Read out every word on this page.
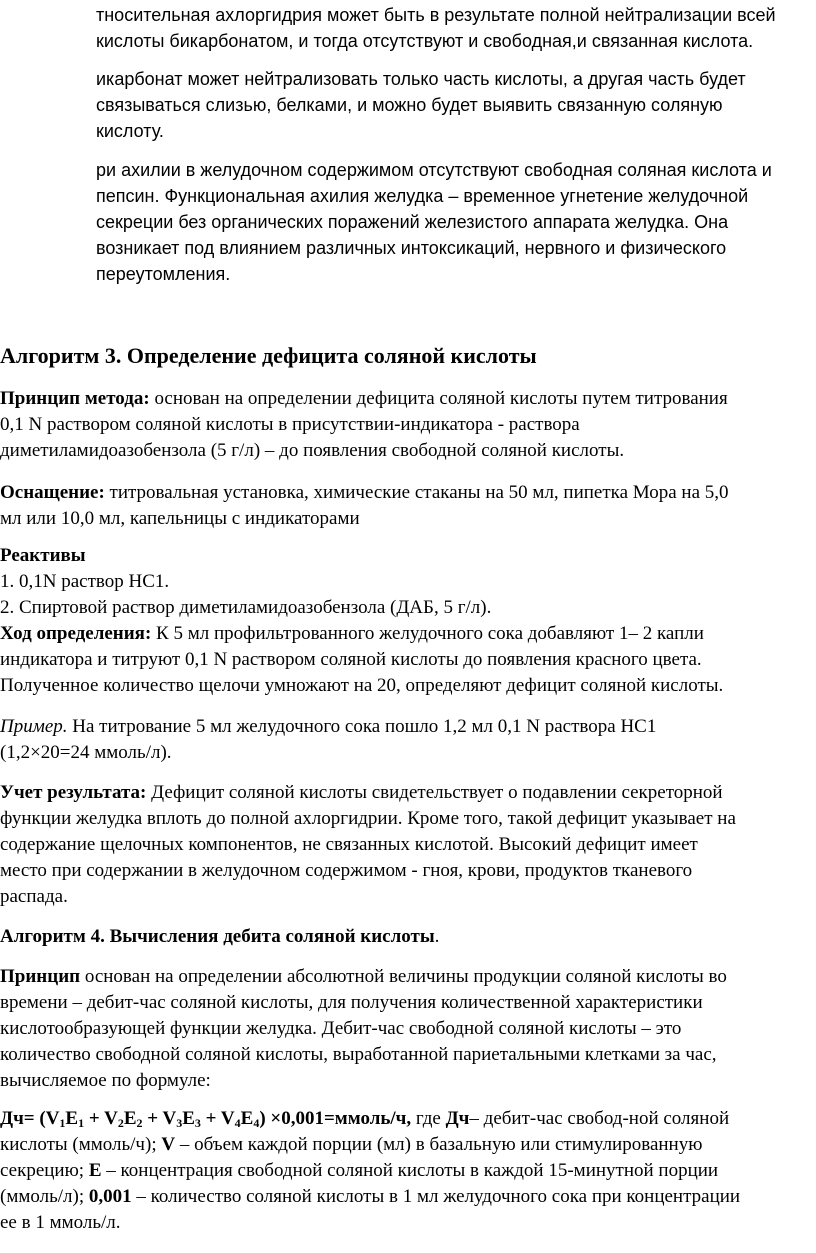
тносительная ахлоргидрия может быть в результате полной нейтрализации всей
кислоты бикарбонатом, и тогда отсутствуют и свободная,и связанная кислота.
икарбонат может нейтрализовать только часть кислоты, а другая часть будет
связываться слизью, белками, и можно будет выявить связанную соляную
кислоту.
ри ахилии в желудочном содержимом отсутствуют свободная соляная кислота и
пепсин. Функциональная ахилия желудка – временное угнетение желудочной
секреции без органических поражений железистого аппарата желудка. Она
возникает под влиянием различных интоксикаций, нервного и физического
переутомления.
Алгоритм 3. Определение дефицита соляной кислоты
Принцип метода: основан на определении дефицита соляной кислоты путем титрования
0,1 N раствором соляной кислоты в присутствии-индикатора - раствора
диметиламидоазобензола (5 г/л) – до появления свободной соляной кислоты.
Оснащение: титровальная установка, химические стаканы на 50 мл, пипетка Мора на 5,0
мл или 10,0 мл, капельницы с индикаторами
Реактивы
1. 0,1N раствор НС1.
2. Спиртовой раствор диметиламидоазобензола (ДАБ, 5 г/л).
Ход определения: К 5 мл профильтрованного желудочного сока добавляют 1– 2 капли
индикатора и титруют 0,1 N раствором соляной кислоты до появления красного цвета.
Полученное количество щелочи умножают на 20, определяют дефицит соляной кислоты.
Пример. На титрование 5 мл желудочного сока пошло 1,2 мл 0,1 N раствора НС1
(1,2×20=24 ммоль/л).
Учет результата: Дефицит соляной кислоты свидетельствует о подавлении секреторной
функции желудка вплоть до полной ахлоргидрии. Кроме того, такой дефицит указывает на
содержание щелочных компонентов, не связанных кислотой. Высокий дефицит имеет
место при содержании в желудочном содержимом - гноя, крови, продуктов тканевого
распада.
Алгоритм 4. Вычисления дебита соляной кислоты.
Принцип основан на определении абсолютной величины продукции соляной кислоты во
времени – дебит-час соляной кислоты, для получения количественной характеристики
кислотообразующей функции желудка. Дебит-час свободной соляной кислоты – это
количество свободной соляной кислоты, выработанной париетальными клетками за час,
вычисляемое по формуле:
$Дч= (V_1E_1 + V_2E_2 + V_3E_3 + V_4E_4)$ ×0,001=ммоль/ч, где Дч– дебит-час свобод-ной соляной
кислоты (ммоль/ч); V – объем каждой порции (мл) в базальную или стимулированную
секрецию; E – концентрация свободной соляной кислоты в каждой 15-минутной порции
(ммоль/л); 0,001 – количество соляной кислоты в 1 мл желудочного сока при концентрации
ее в 1 ммоль/л.
